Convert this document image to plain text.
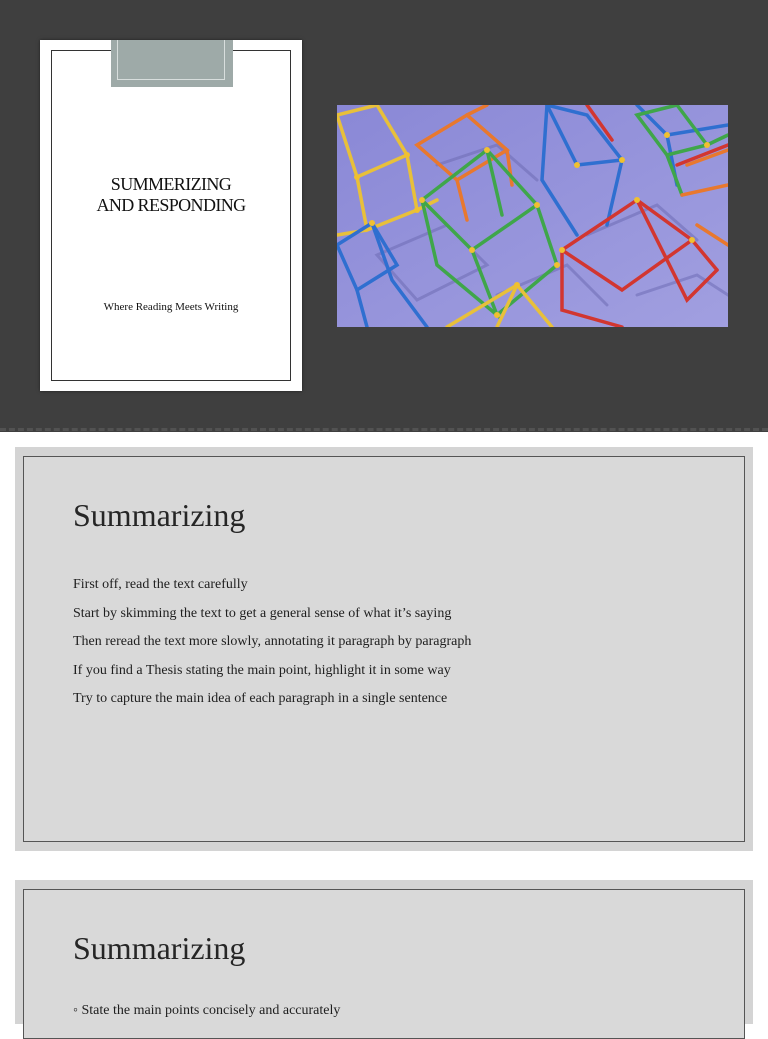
SUMMERIZING
AND RESPONDING
Where Reading Meets Writing
Summarizing
First off, read the text carefully
Start by skimming the text to get a general sense of what it’s saying
Then reread the text more slowly, annotating it paragraph by paragraph
If you find a Thesis stating the main point, highlight it in some way
Try to capture the main idea of each paragraph in a single sentence
Summarizing
◦ State the main points concisely and accurately
